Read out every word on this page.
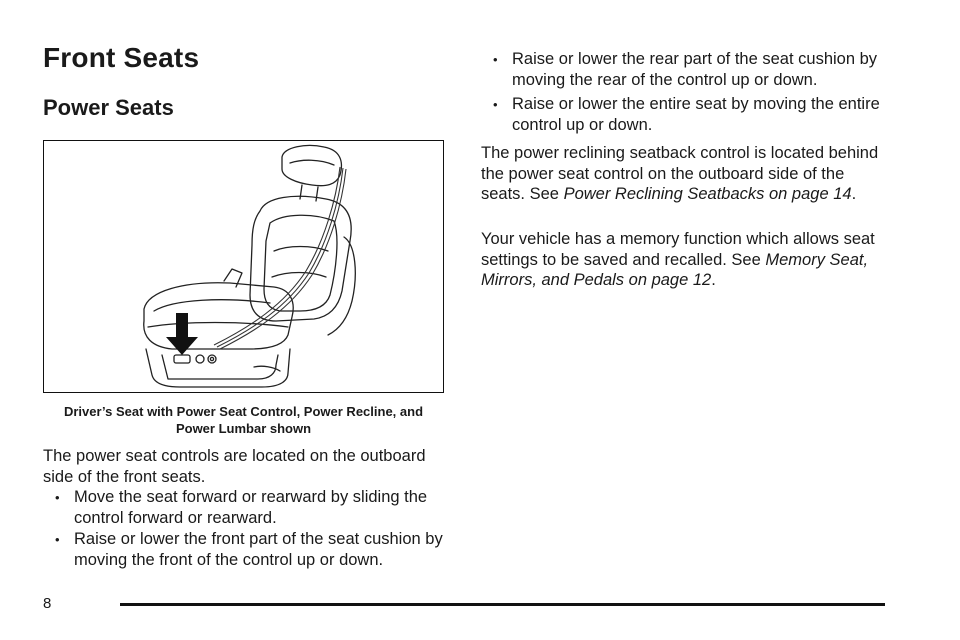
Front Seats
Power Seats

Driver’s Seat with Power Seat Control, Power Recline, and Power Lumbar shown

The power seat controls are located on the outboard side of the front seats.

• Move the seat forward or rearward by sliding the control forward or rearward.
• Raise or lower the front part of the seat cushion by moving the front of the control up or down.
• Raise or lower the rear part of the seat cushion by moving the rear of the control up or down.
• Raise or lower the entire seat by moving the entire control up or down.

The power reclining seatback control is located behind the power seat control on the outboard side of the seats. See Power Reclining Seatbacks on page 14.

Your vehicle has a memory function which allows seat settings to be saved and recalled. See Memory Seat, Mirrors, and Pedals on page 12.

8
